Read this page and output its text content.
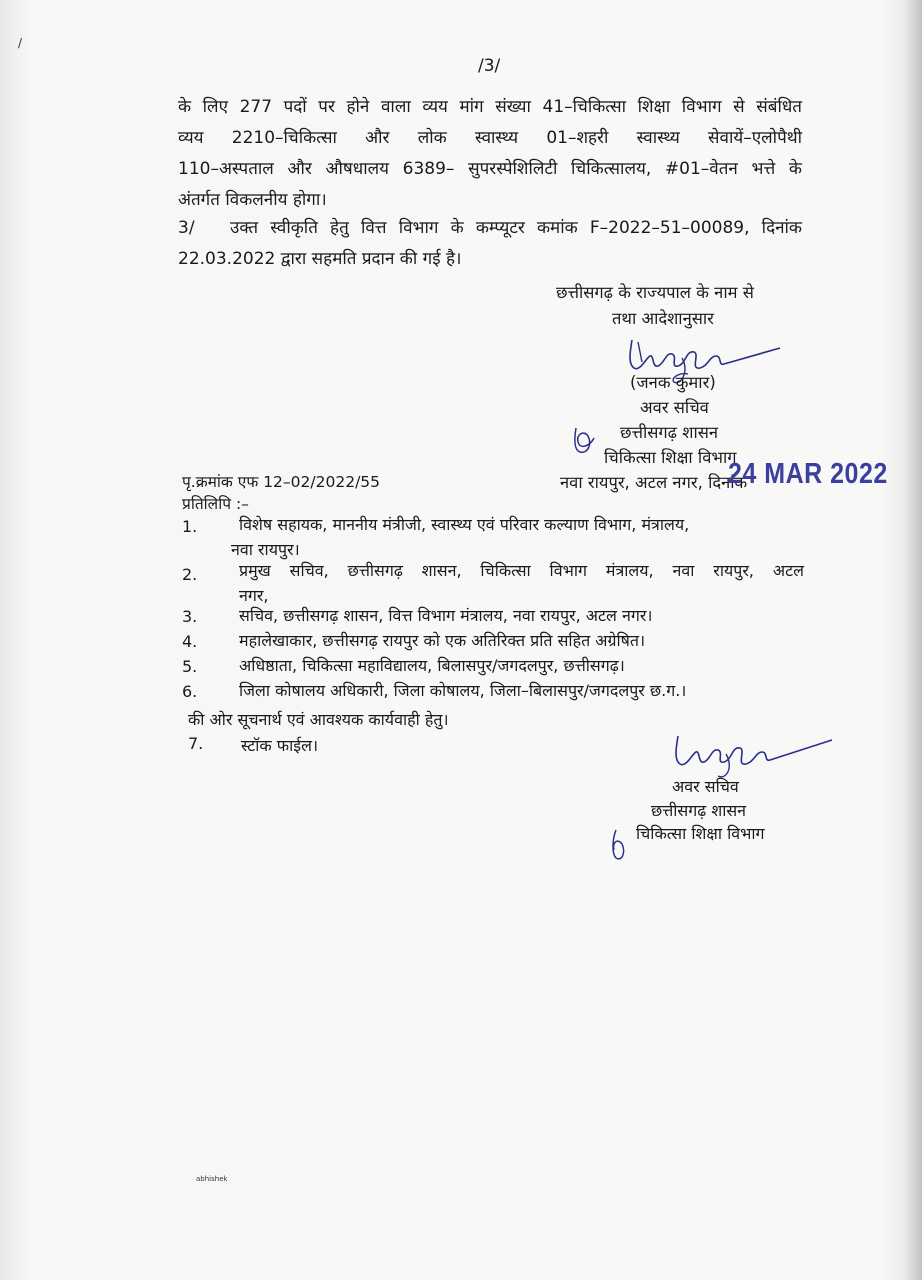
/
/3/
के लिए 277 पदों पर होने वाला व्यय मांग संख्या 41–चिकित्सा शिक्षा विभाग से संबंधित
व्यय 2210–चिकित्सा और लोक स्वास्थ्य 01–शहरी स्वास्थ्य सेवायें–एलोपैथी
110–अस्पताल और औषधालय 6389– सुपरस्पेशिलिटी चिकित्सालय, #01–वेतन भत्ते के
अंतर्गत विकलनीय होगा।
3/ उक्त स्वीकृति हेतु वित्त विभाग के कम्प्यूटर कमांक F–2022–51–00089, दिनांक

22.03.2022 द्वारा सहमति प्रदान की गई है।
छत्तीसगढ़ के राज्यपाल के नाम से
तथा आदेशानुसार
(जनक कुमार)
अवर सचिव
छत्तीसगढ़ शासन
चिकित्सा शिक्षा विभाग
नवा रायपुर, अटल नगर, दिनांक
24 MAR 2022
पृ.क्रमांक एफ 12–02/2022/55
प्रतिलिपि :–
1.	विशेष सहायक, माननीय मंत्रीजी, स्वास्थ्य एवं परिवार कल्याण विभाग, मंत्रालय,
नवा रायपुर।
2.	प्रमुख सचिव, छत्तीसगढ़ शासन, चिकित्सा विभाग मंत्रालय, नवा रायपुर, अटल
नगर,
3.	सचिव, छत्तीसगढ़ शासन, वित्त विभाग मंत्रालय, नवा रायपुर, अटल नगर।
4.	महालेखाकार, छत्तीसगढ़ रायपुर को एक अतिरिक्त प्रति सहित अग्रेषित।
5.	अधिष्ठाता, चिकित्सा महाविद्यालय, बिलासपुर/जगदलपुर, छत्तीसगढ़।
6.	जिला कोषालय अधिकारी, जिला कोषालय, जिला–बिलासपुर/जगदलपुर छ.ग.।
की ओर सूचनार्थ एवं आवश्यक कार्यवाही हेतु।
7. स्टॉक फाईल।
अवर सचिव
छत्तीसगढ़ शासन
चिकित्सा शिक्षा विभाग
abhishek
